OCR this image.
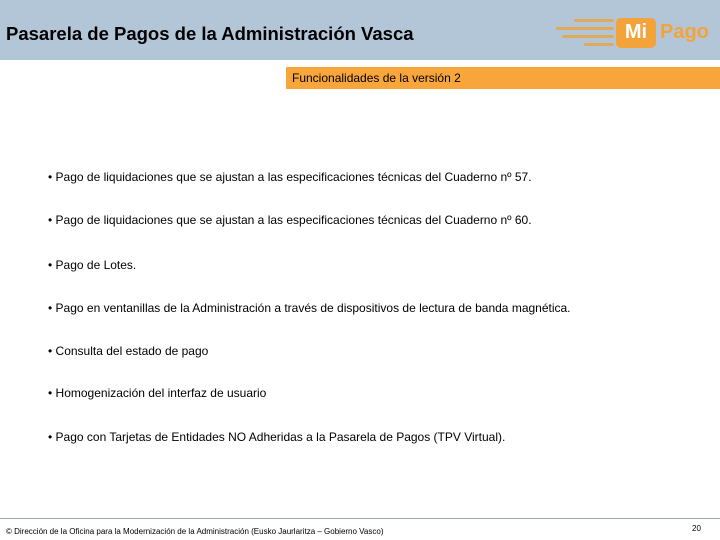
Pasarela de Pagos de la Administración Vasca	Mi Pago
Funcionalidades de la versión 2
• Pago de liquidaciones que se ajustan a las especificaciones técnicas del Cuaderno nº 57.
• Pago de liquidaciones que se ajustan a las especificaciones técnicas del Cuaderno nº 60.
• Pago de Lotes.
• Pago en ventanillas de la Administración a través de dispositivos de lectura de banda magnética.
• Consulta del estado de pago
• Homogenización del interfaz de usuario
• Pago con Tarjetas de Entidades NO Adheridas a la Pasarela de Pagos (TPV Virtual).
© Dirección de la Oficina para la Modernización de la Administración (Eusko Jaurlaritza – Gobierno Vasco)	20
